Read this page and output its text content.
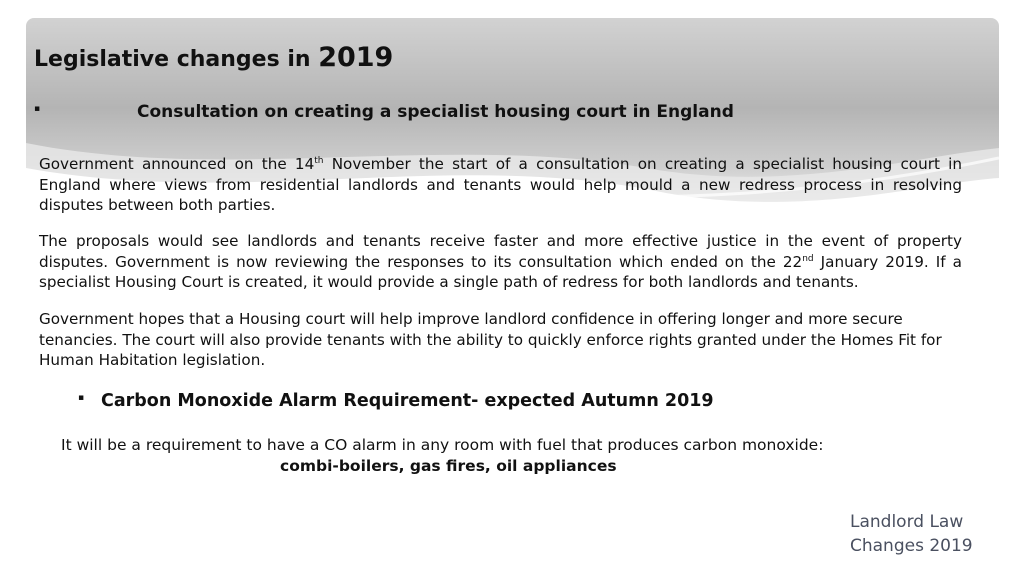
Legislative changes in 2019
▪	Consultation on creating a specialist housing court in England

Government announced on the 14th November the start of a consultation on creating a specialist housing court in England where views from residential landlords and tenants would help mould a new redress process in resolving disputes between both parties.

The proposals would see landlords and tenants receive faster and more effective justice in the event of property disputes. Government is now reviewing the responses to its consultation which ended on the 22nd January 2019. If a specialist Housing Court is created, it would provide a single path of redress for both landlords and tenants.

Government hopes that a Housing court will help improve landlord confidence in offering longer and more secure tenancies. The court will also provide tenants with the ability to quickly enforce rights granted under the Homes Fit for Human Habitation legislation.

▪ Carbon Monoxide Alarm Requirement- expected Autumn 2019
It will be a requirement to have a CO alarm in any room with fuel that produces carbon monoxide:
combi-boilers, gas fires, oil appliances
Landlord Law
Changes 2019
